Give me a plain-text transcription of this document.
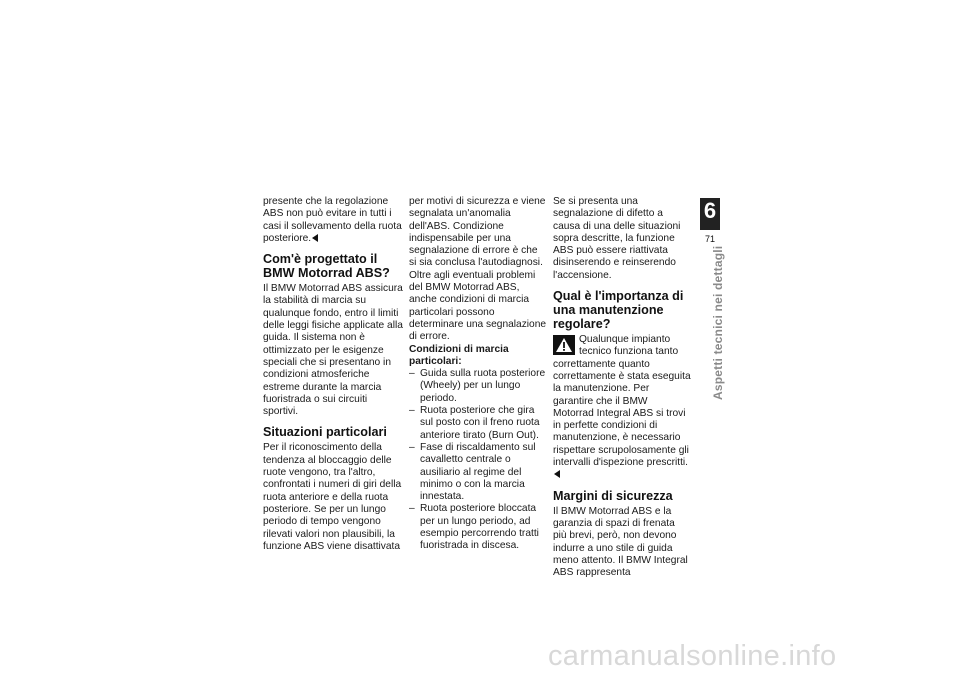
presente che la regolazione ABS non può evitare in tutti i casi il sollevamento della ruota posteriore.

Com'è progettato il BMW Motorrad ABS?

Il BMW Motorrad ABS assicura la stabilità di marcia su qualunque fondo, entro il limiti delle leggi fisiche applicate alla guida. Il sistema non è ottimizzato per le esigenze speciali che si presentano in condizioni atmosferiche estreme durante la marcia fuoristrada o sui circuiti sportivi.

Situazioni particolari

Per il riconoscimento della tendenza al bloccaggio delle ruote vengono, tra l'altro, confrontati i numeri di giri della ruota anteriore e della ruota posteriore. Se per un lungo periodo di tempo vengono rilevati valori non plausibili, la funzione ABS viene disattivata

per motivi di sicurezza e viene segnalata un'anomalia dell'ABS. Condizione indispensabile per una segnalazione di errore è che si sia conclusa l'autodiagnosi. Oltre agli eventuali problemi del BMW Motorrad ABS, anche condizioni di marcia particolari possono determinare una segnalazione di errore.

Condizioni di marcia particolari:

– Guida sulla ruota posteriore (Wheely) per un lungo periodo.
– Ruota posteriore che gira sul posto con il freno ruota anteriore tirato (Burn Out).
– Fase di riscaldamento sul cavalletto centrale o ausiliario al regime del minimo o con la marcia innestata.
– Ruota posteriore bloccata per un lungo periodo, ad esempio percorrendo tratti fuoristrada in discesa.

Se si presenta una segnalazione di difetto a causa di una delle situazioni sopra descritte, la funzione ABS può essere riattivata disinserendo e reinserendo l'accensione.

Qual è l'importanza di una manutenzione regolare?

Qualunque impianto tecnico funziona tanto correttamente quanto correttamente è stata eseguita la manutenzione. Per garantire che il BMW Motorrad Integral ABS si trovi in perfette condizioni di manutenzione, è necessario rispettare scrupolosamente gli intervalli d'ispezione prescritti.

Margini di sicurezza

Il BMW Motorrad ABS e la garanzia di spazi di frenata più brevi, però, non devono indurre a uno stile di guida meno attento. Il BMW Integral ABS rappresenta

6
71
Aspetti tecnici nei dettagli
carmanualsonline.info
